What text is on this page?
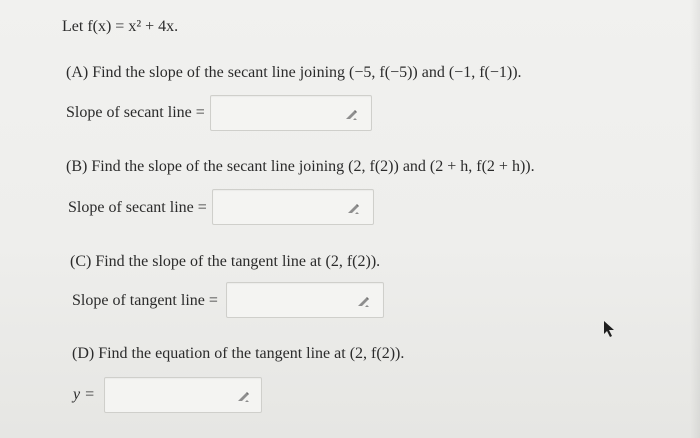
Let f(x) = x² + 4x.
(A) Find the slope of the secant line joining (−5, f(−5)) and (−1, f(−1)).
Slope of secant line =
(B) Find the slope of the secant line joining (2, f(2)) and (2 + h, f(2 + h)).
Slope of secant line =
(C) Find the slope of the tangent line at (2, f(2)).
Slope of tangent line =
(D) Find the equation of the tangent line at (2, f(2)).
y =
